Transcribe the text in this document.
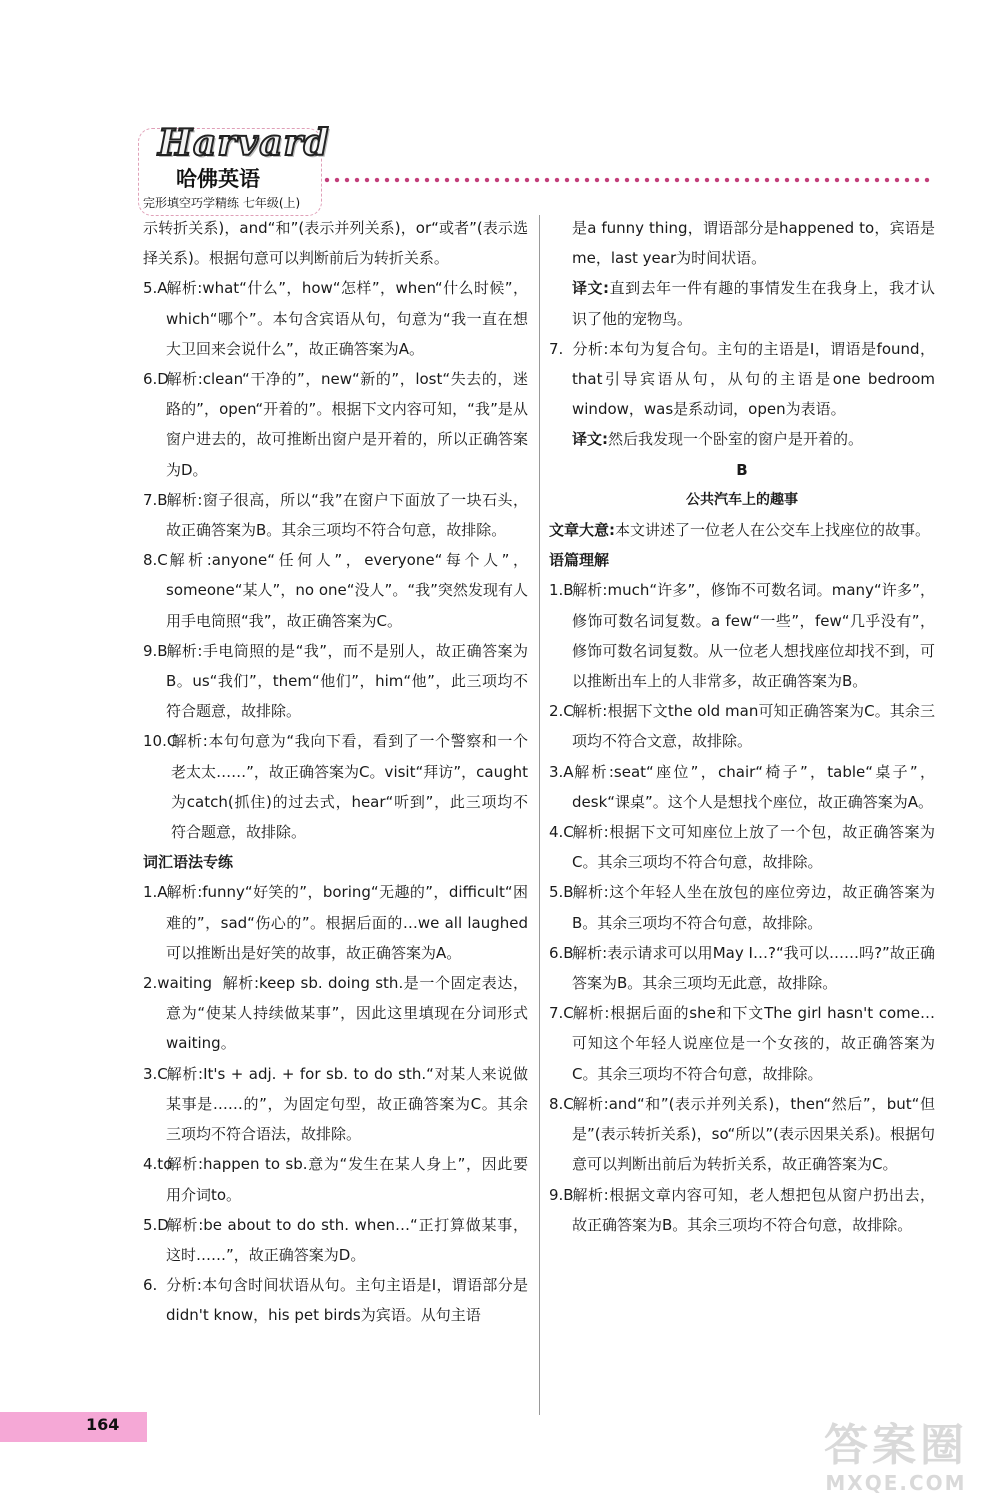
Harvard
哈佛英语
完形填空巧学精练 七年级(上)

示转折关系)，and“和”(表示并列关系)，or“或者”(表示选择关系)。根据句意可以判断前后为转折关系。

5.A解析:what“什么”，how“怎样”，when“什么时候”，which“哪个”。本句含宾语从句，句意为“我一直在想大卫回来会说什么”，故正确答案为A。

6.D解析:clean“干净的”，new“新的”，lost“失去的，迷路的”，open“开着的”。根据下文内容可知，“我”是从窗户进去的，故可推断出窗户是开着的，所以正确答案为D。

7.B解析:窗子很高，所以“我”在窗户下面放了一块石头，故正确答案为B。其余三项均不符合句意，故排除。

8.C解析:anyone“任何人”，everyone“每个人”，someone“某人”，no one“没人”。“我”突然发现有人用手电筒照“我”，故正确答案为C。

9.B解析:手电筒照的是“我”，而不是别人，故正确答案为B。us“我们”，them“他们”，him“他”，此三项均不符合题意，故排除。

10.C解析:本句句意为“我向下看，看到了一个警察和一个老太太……”，故正确答案为C。visit“拜访”，caught为catch(抓住)的过去式，hear“听到”，此三项均不符合题意，故排除。

词汇语法专练

1.A解析:funny“好笑的”，boring“无趣的”，difficult“困难的”，sad“伤心的”。根据后面的…we all laughed可以推断出是好笑的故事，故正确答案为A。

2.waiting 解析:keep sb. doing sth.是一个固定表达，意为“使某人持续做某事”，因此这里填现在分词形式waiting。

3.C解析:It's + adj. + for sb. to do sth.“对某人来说做某事是……的”，为固定句型，故正确答案为C。其余三项均不符合语法，故排除。

4.to解析:happen to sb.意为“发生在某人身上”，因此要用介词to。

5.D解析:be about to do sth. when…“正打算做某事，这时……”，故正确答案为D。

6. 分析:本句含时间状语从句。主句主语是I，谓语部分是didn't know，his pet birds为宾语。从句主语

是a funny thing，谓语部分是happened to，宾语是me，last year为时间状语。

译文:直到去年一件有趣的事情发生在我身上，我才认识了他的宠物鸟。

7. 分析:本句为复合句。主句的主语是I，谓语是found，that引导宾语从句，从句的主语是one bedroom window，was是系动词，open为表语。

译文:然后我发现一个卧室的窗户是开着的。

B

公共汽车上的趣事

文章大意:本文讲述了一位老人在公交车上找座位的故事。

语篇理解

1.B解析:much“许多”，修饰不可数名词。many“许多”，修饰可数名词复数。a few“一些”，few“几乎没有”，修饰可数名词复数。从一位老人想找座位却找不到，可以推断出车上的人非常多，故正确答案为B。

2.C解析:根据下文the old man可知正确答案为C。其余三项均不符合文意，故排除。

3.A解析:seat“座位”，chair“椅子”，table“桌子”，desk“课桌”。这个人是想找个座位，故正确答案为A。

4.C解析:根据下文可知座位上放了一个包，故正确答案为C。其余三项均不符合句意，故排除。

5.B解析:这个年轻人坐在放包的座位旁边，故正确答案为B。其余三项均不符合句意，故排除。

6.B解析:表示请求可以用May I…?“我可以……吗?”故正确答案为B。其余三项均无此意，故排除。

7.C解析:根据后面的she和下文The girl hasn't come…可知这个年轻人说座位是一个女孩的，故正确答案为C。其余三项均不符合句意，故排除。

8.C解析:and“和”(表示并列关系)，then“然后”，but“但是”(表示转折关系)，so“所以”(表示因果关系)。根据句意可以判断出前后为转折关系，故正确答案为C。

9.B解析:根据文章内容可知，老人想把包从窗户扔出去，故正确答案为B。其余三项均不符合句意，故排除。

164	答案圈
MXQE.COM
